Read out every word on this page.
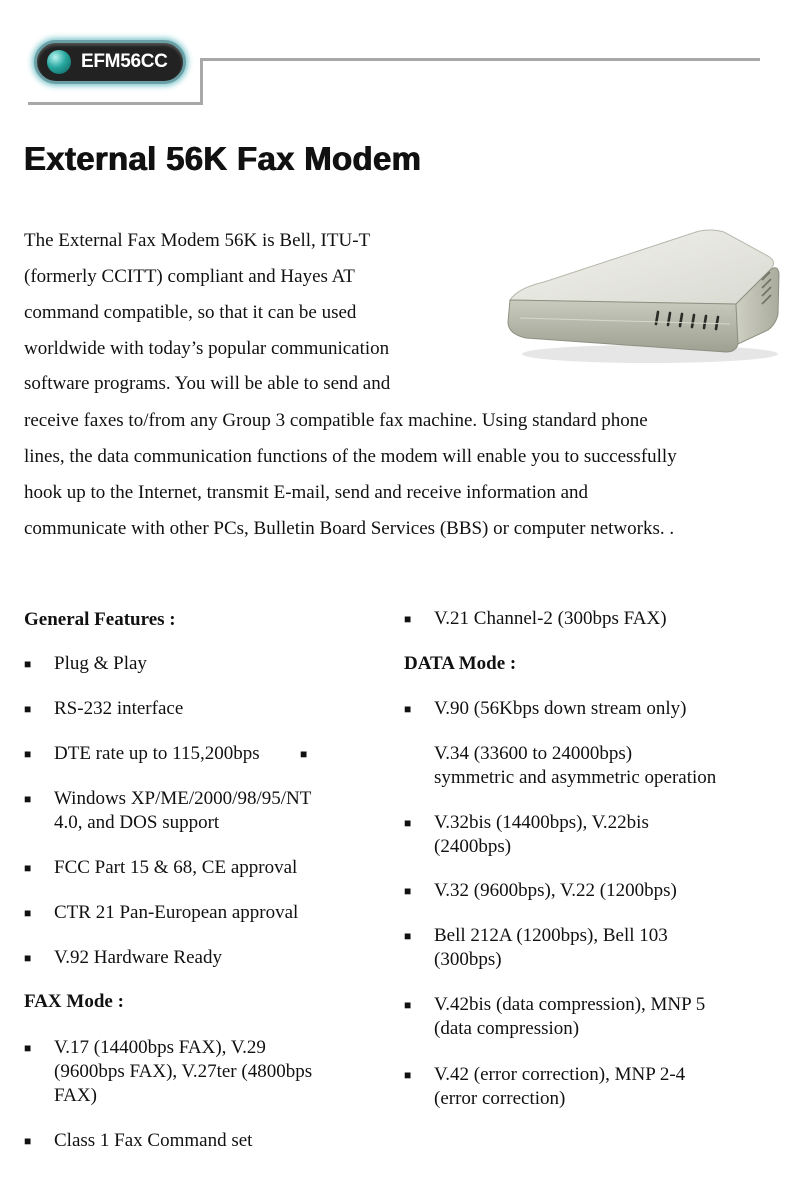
EFM56CC
External 56K Fax Modem
The External Fax Modem 56K is Bell, ITU-T
(formerly CCITT) compliant and Hayes AT
command compatible, so that it can be used
worldwide with today’s popular communication
software programs. You will be able to send and
receive faxes to/from any Group 3 compatible fax machine. Using standard phone
lines, the data communication functions of the modem will enable you to successfully
hook up to the Internet, transmit E-mail, send and receive information and
communicate with other PCs, Bulletin Board Services (BBS) or computer networks. .
General Features :
■ Plug & Play
■ RS-232 interface
■ DTE rate up to 115,200bps	■
■ Windows XP/ME/2000/98/95/NT
4.0, and DOS support
■ FCC Part 15 & 68, CE approval
■ CTR 21 Pan-European approval
■ V.92 Hardware Ready
FAX Mode :
■ V.17 (14400bps FAX), V.29
(9600bps FAX), V.27ter (4800bps
FAX)
■ Class 1 Fax Command set
■ V.21 Channel-2 (300bps FAX)
DATA Mode :
■ V.90 (56Kbps down stream only)
V.34 (33600 to 24000bps)
symmetric and asymmetric operation
■ V.32bis (14400bps), V.22bis
(2400bps)
■ V.32 (9600bps), V.22 (1200bps)
■ Bell 212A (1200bps), Bell 103
(300bps)
■ V.42bis (data compression), MNP 5
(data compression)
■ V.42 (error correction), MNP 2-4
(error correction)
